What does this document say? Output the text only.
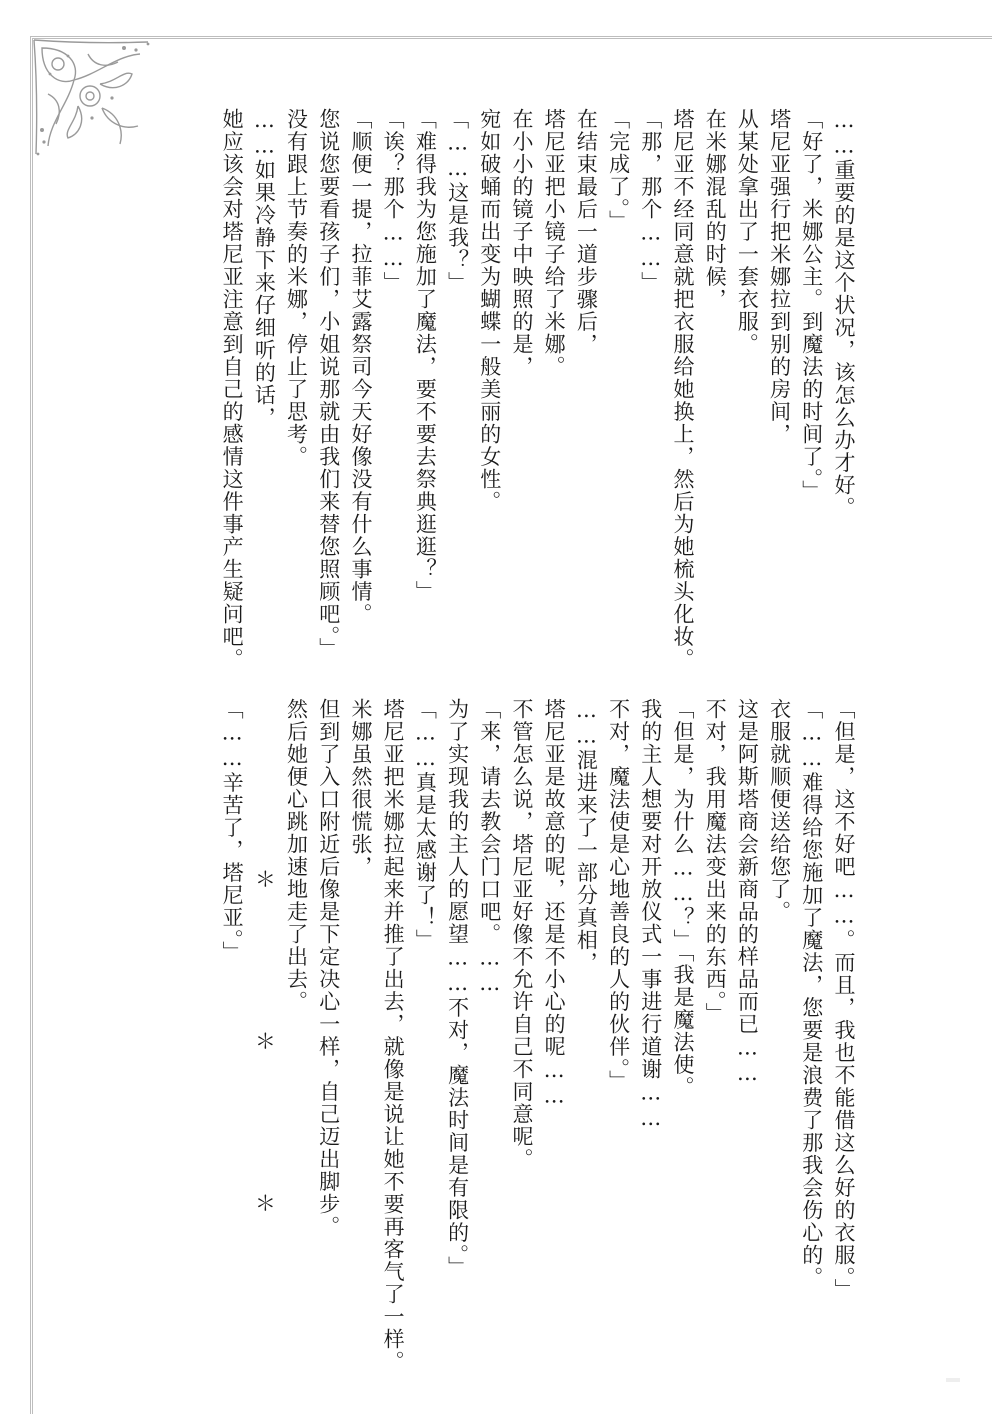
……重要的是这个状况，该怎么办才好。
「好了，米娜公主。到魔法的时间了。」
塔尼亚强行把米娜拉到别的房间，
从某处拿出了一套衣服。
在米娜混乱的时候，
塔尼亚不经同意就把衣服给她换上，然后为她梳头化妆。
「那，那个……」
「完成了。」
在结束最后一道步骤后，
塔尼亚把小镜子给了米娜。
在小小的镜子中映照的是，
宛如破蛹而出变为蝴蝶一般美丽的女性。
「……这是我？」
「难得我为您施加了魔法，要不要去祭典逛逛？」
「诶？那个……」
「顺便一提，拉菲艾露祭司今天好像没有什么事情。
您说您要看孩子们，小姐说那就由我们来替您照顾吧。」
没有跟上节奏的米娜，停止了思考。
……如果冷静下来仔细听的话，
她应该会对塔尼亚注意到自己的感情这件事产生疑问吧。
「但是，这不好吧……。而且，我也不能借这么好的衣服。」
「……难得给您施加了魔法，您要是浪费了那我会伤心的。
衣服就顺便送给您了。
这是阿斯塔商会新商品的样品而已……
不对，我用魔法变出来的东西。」
「但是，为什么……？」「我是魔法使。
我的主人想要对开放仪式一事进行道谢……
不对，魔法使是心地善良的人的伙伴。」
……混进来了一部分真相，
塔尼亚是故意的呢，还是不小心的呢……
不管怎么说，塔尼亚好像不允许自己不同意呢。
「来，请去教会门口吧。……
为了实现我的主人的愿望……不对，魔法时间是有限的。」
「……真是太感谢了！」
塔尼亚把米娜拉起来并推了出去，就像是说让她不要再客气了一样。
米娜虽然很慌张，
但到了入口附近后像是下定决心一样，自己迈出脚步。
然后她便心跳加速地走了出去。
＊　＊　＊
「……辛苦了，塔尼亚。」
